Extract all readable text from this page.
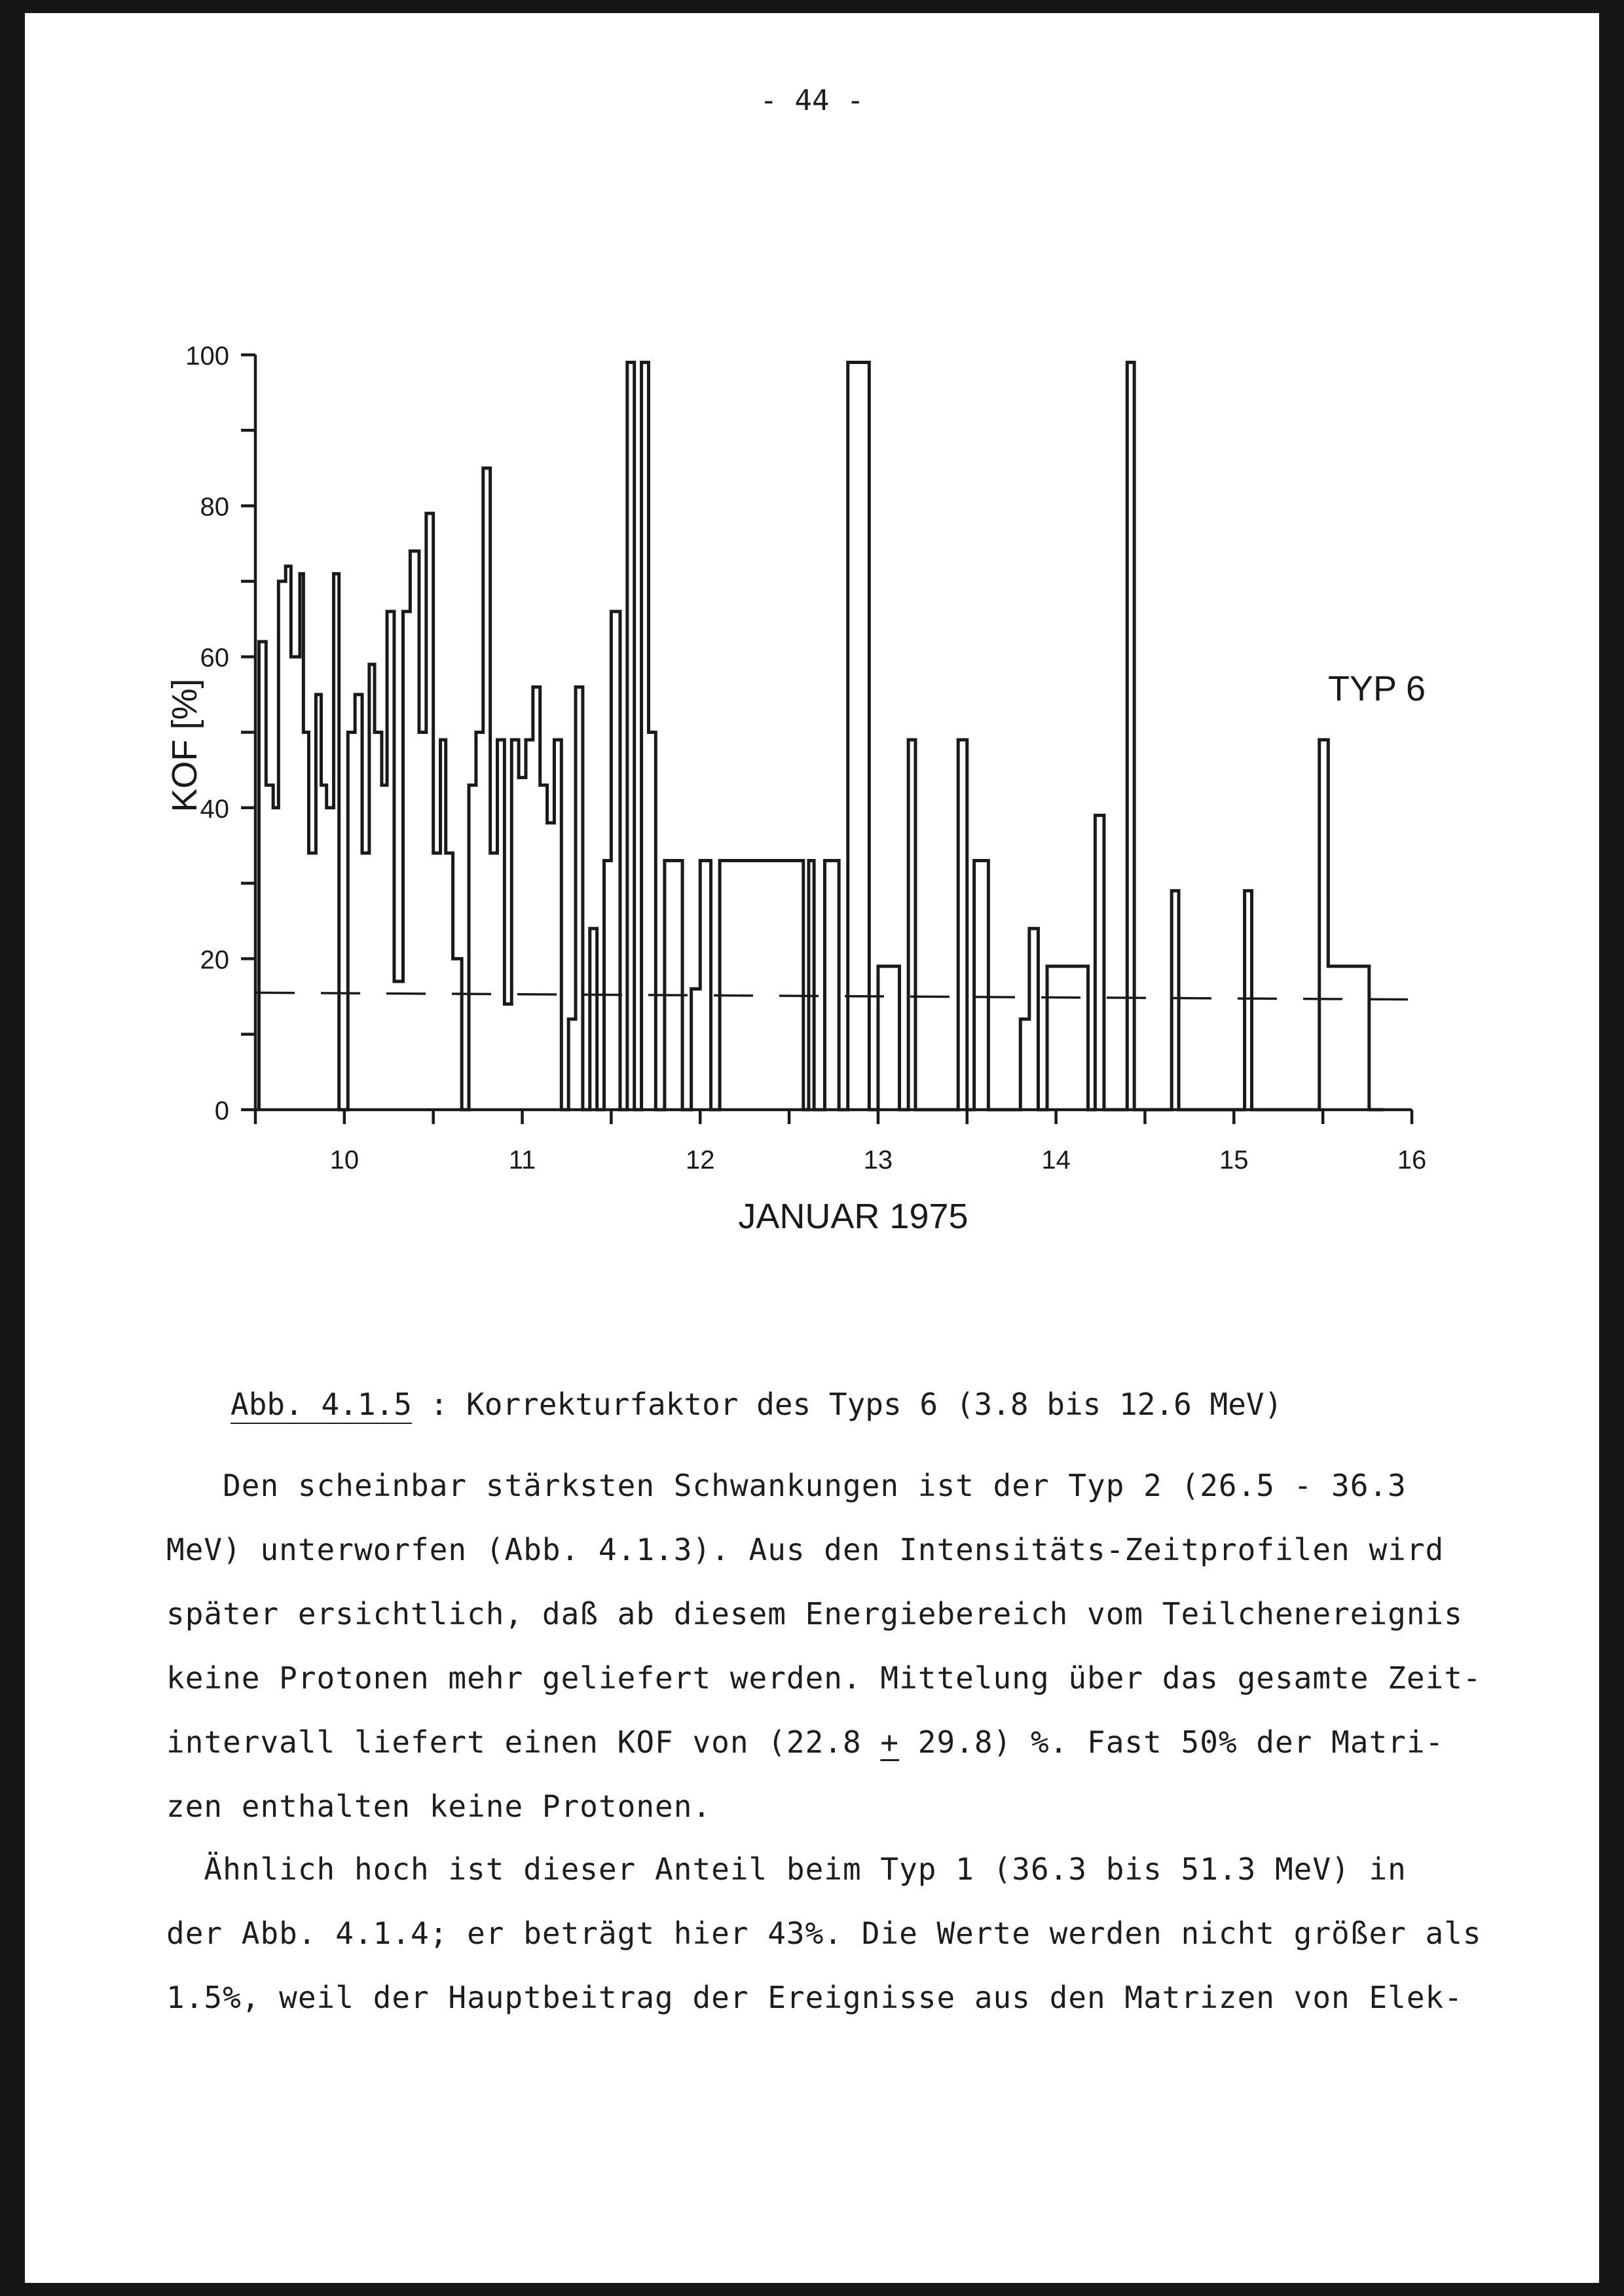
- 44 -
0
20
40
60
80
100
10	11	12	13	14	15	16
JANUAR 1975
KOF [%]	TYP 6
Abb. 4.1.5 : Korrekturfaktor des Typs 6 (3.8 bis 12.6 MeV)
Den scheinbar stärksten Schwankungen ist der Typ 2 (26.5 - 36.3
MeV) unterworfen (Abb. 4.1.3). Aus den Intensitäts-Zeitprofilen wird
später ersichtlich, daß ab diesem Energiebereich vom Teilchenereignis
keine Protonen mehr geliefert werden. Mittelung über das gesamte Zeit-
intervall liefert einen KOF von (22.8 + 29.8) %. Fast 50% der Matri-
zen enthalten keine Protonen.
Ähnlich hoch ist dieser Anteil beim Typ 1 (36.3 bis 51.3 MeV) in
der Abb. 4.1.4; er beträgt hier 43%. Die Werte werden nicht größer als
1.5%, weil der Hauptbeitrag der Ereignisse aus den Matrizen von Elek-
